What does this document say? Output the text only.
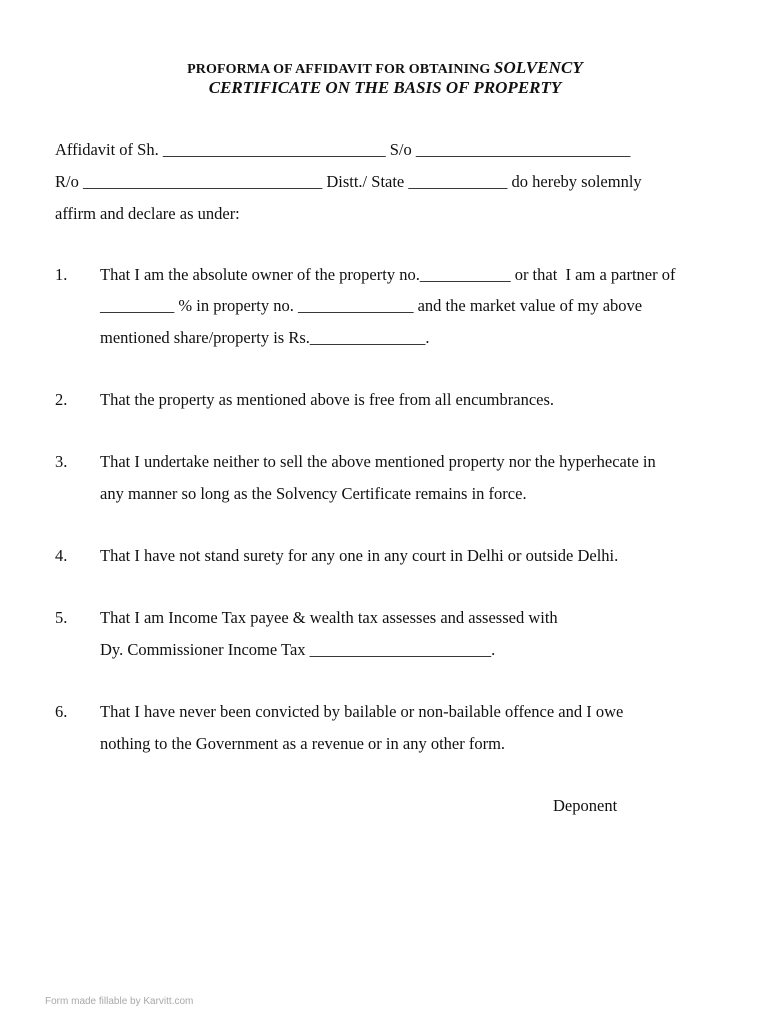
PROFORMA OF AFFIDAVIT FOR OBTAINING SOLVENCY
CERTIFICATE ON THE BASIS OF PROPERTY
Affidavit of Sh. ___________________________ S/o __________________________
R/o _____________________________ Distt./ State ____________ do hereby solemnly
affirm and declare as under:
1. That I am the absolute owner of the property no.___________ or that  I am a partner of
_________ % in property no. ______________ and the market value of my above
mentioned share/property is Rs.______________.
2. That the property as mentioned above is free from all encumbrances.
3. That I undertake neither to sell the above mentioned property nor the hyperhecate in
any manner so long as the Solvency Certificate remains in force.
4. That I have not stand surety for any one in any court in Delhi or outside Delhi.
5. That I am Income Tax payee & wealth tax assesses and assessed with
Dy. Commissioner Income Tax ______________________.
6. That I have never been convicted by bailable or non-bailable offence and I owe
nothing to the Government as a revenue or in any other form.
Deponent
Form made fillable by Karvitt.com
